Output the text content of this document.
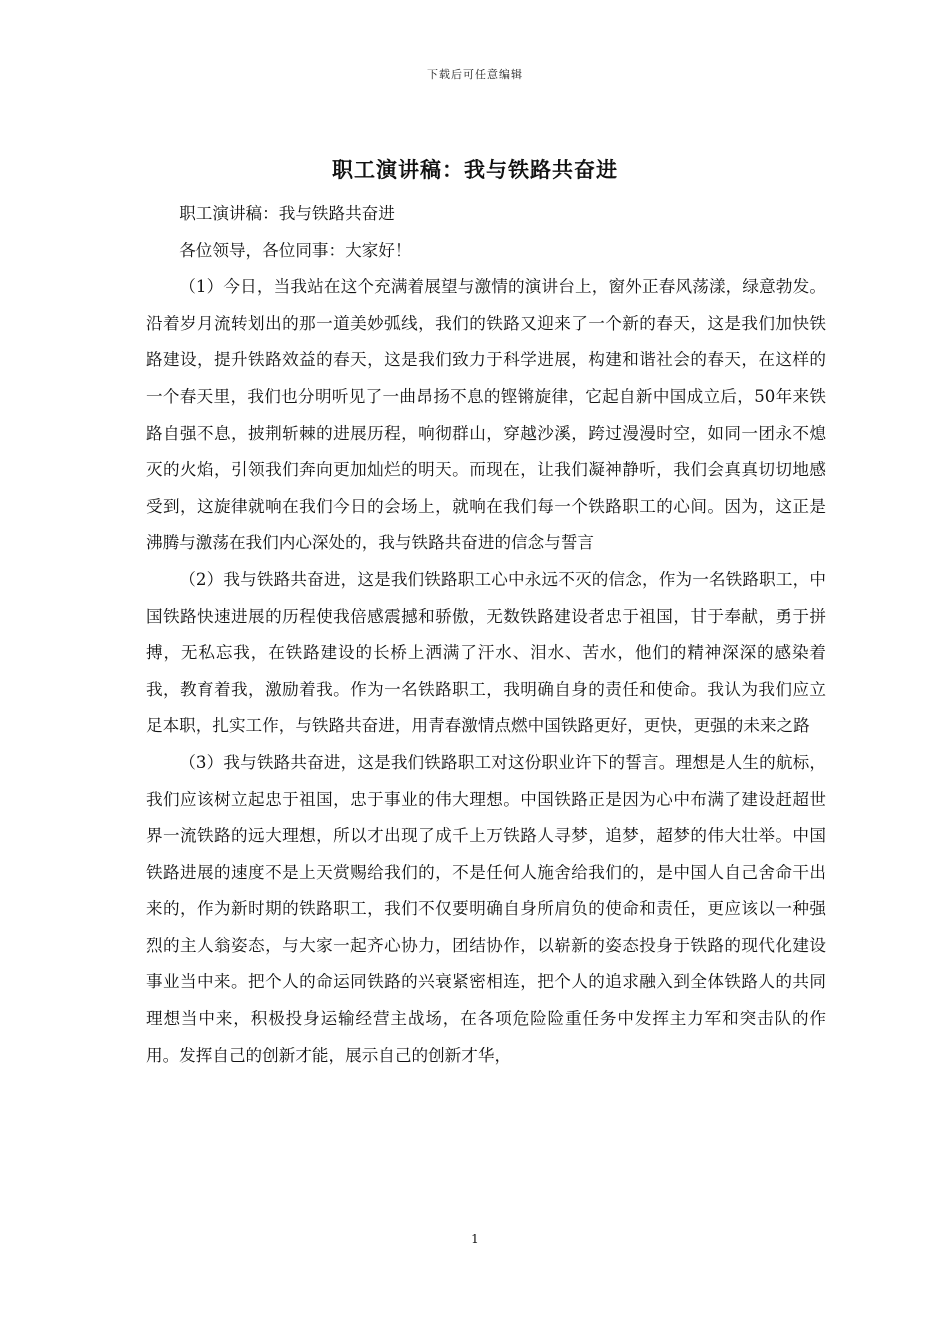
下载后可任意编辑
职工演讲稿：我与铁路共奋进

职工演讲稿：我与铁路共奋进

各位领导，各位同事：大家好！

（1）今日，当我站在这个充满着展望与激情的演讲台上，窗外正春风荡漾，绿意勃发。沿着岁月流转划出的那一道美妙弧线，我们的铁路又迎来了一个新的春天，这是我们加快铁路建设，提升铁路效益的春天，这是我们致力于科学进展，构建和谐社会的春天，在这样的一个春天里，我们也分明听见了一曲昂扬不息的铿锵旋律，它起自新中国成立后，50年来铁路自强不息，披荆斩棘的进展历程，响彻群山，穿越沙溪，跨过漫漫时空，如同一团永不熄灭的火焰，引领我们奔向更加灿烂的明天。而现在，让我们凝神静听，我们会真真切切地感受到，这旋律就响在我们今日的会场上，就响在我们每一个铁路职工的心间。因为，这正是沸腾与激荡在我们内心深处的，我与铁路共奋进的信念与誓言

（2）我与铁路共奋进，这是我们铁路职工心中永远不灭的信念，作为一名铁路职工，中国铁路快速进展的历程使我倍感震撼和骄傲，无数铁路建设者忠于祖国，甘于奉献，勇于拼搏，无私忘我，在铁路建设的长桥上洒满了汗水、泪水、苦水，他们的精神深深的感染着我，教育着我，激励着我。作为一名铁路职工，我明确自身的责任和使命。我认为我们应立足本职，扎实工作，与铁路共奋进，用青春激情点燃中国铁路更好，更快，更强的未来之路

（3）我与铁路共奋进，这是我们铁路职工对这份职业许下的誓言。理想是人生的航标，我们应该树立起忠于祖国，忠于事业的伟大理想。中国铁路正是因为心中布满了建设赶超世界一流铁路的远大理想，所以才出现了成千上万铁路人寻梦，追梦，超梦的伟大壮举。中国铁路进展的速度不是上天赏赐给我们的，不是任何人施舍给我们的，是中国人自己舍命干出来的，作为新时期的铁路职工，我们不仅要明确自身所肩负的使命和责任，更应该以一种强烈的主人翁姿态，与大家一起齐心协力，团结协作，以崭新的姿态投身于铁路的现代化建设事业当中来。把个人的命运同铁路的兴衰紧密相连，把个人的追求融入到全体铁路人的共同理想当中来，积极投身运输经营主战场，在各项危险险重任务中发挥主力军和突击队的作用。发挥自己的创新才能，展示自己的创新才华，

1
